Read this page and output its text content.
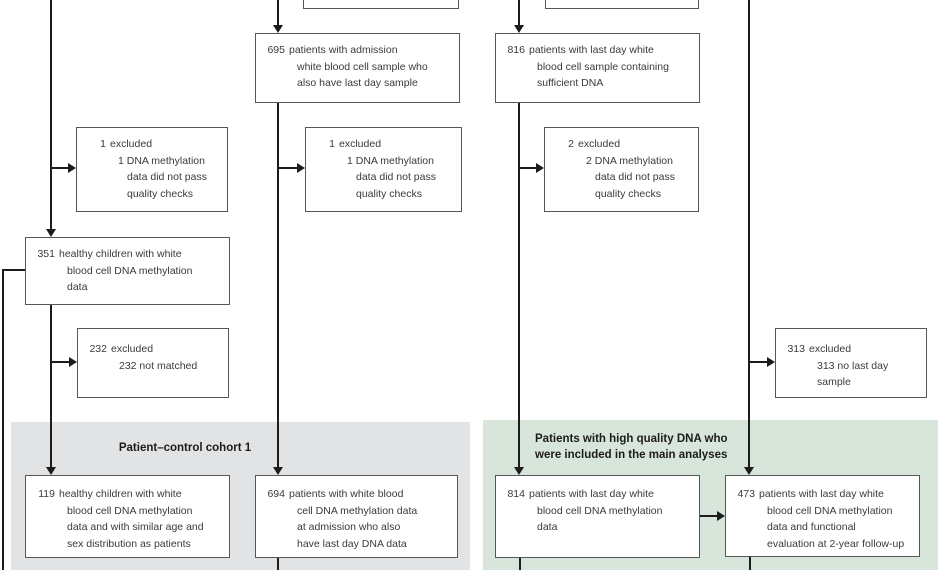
Patient–control cohort 1
Patients with high quality DNA who
were included in the main analyses
695 patients with admission
white blood cell sample who
also have last day sample
816 patients with last day white
blood cell sample containing
sufficient DNA
1 excluded
1 DNA methylation
data did not pass
quality checks
1 excluded
1 DNA methylation
data did not pass
quality checks
2 excluded
2 DNA methylation
data did not pass
quality checks
351 healthy children with white
blood cell DNA methylation
data
232 excluded
232 not matched
313 excluded
313 no last day
sample
119 healthy children with white
blood cell DNA methylation
data and with similar age and
sex distribution as patients
694 patients with white blood
cell DNA methylation data
at admission who also
have last day DNA data
814 patients with last day white
blood cell DNA methylation
data
473 patients with last day white
blood cell DNA methylation
data and functional
evaluation at 2-year follow-up
